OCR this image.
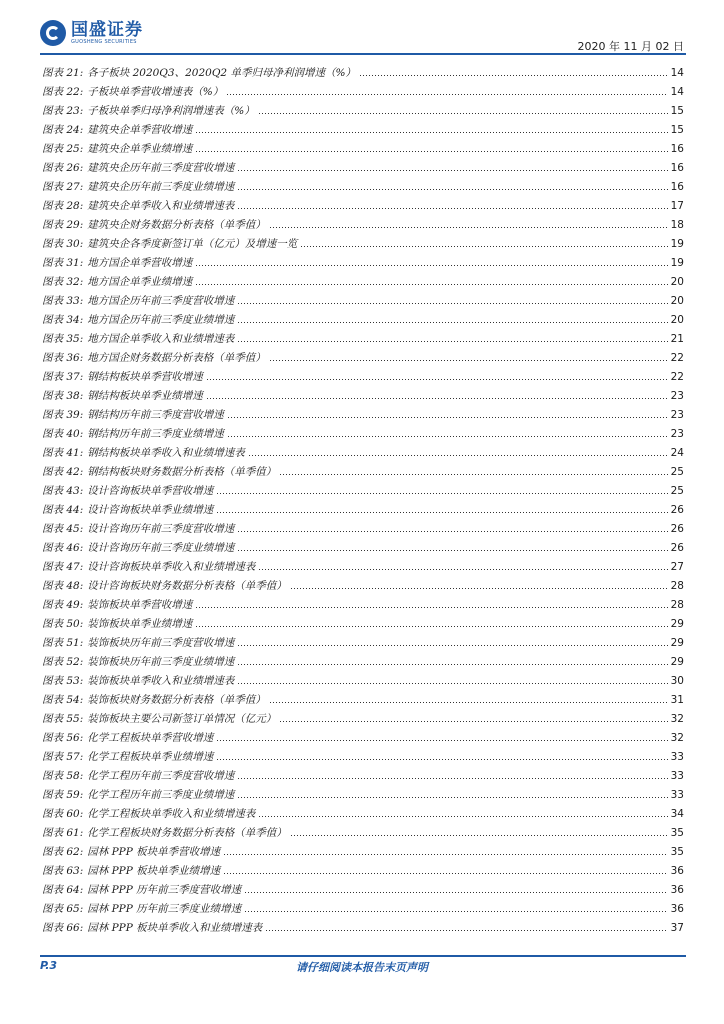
国盛证券
GUOSHENG SECURITIES	2020 年 11 月 02 日
图表 21: 各子板块 2020Q3、2020Q2 单季归母净利润增速（%）	14
图表 22: 子板块单季营收增速表（%）	14
图表 23: 子板块单季归母净利润增速表（%）	15
图表 24: 建筑央企单季营收增速	15
图表 25: 建筑央企单季业绩增速	16
图表 26: 建筑央企历年前三季度营收增速	16
图表 27: 建筑央企历年前三季度业绩增速	16
图表 28: 建筑央企单季收入和业绩增速表	17
图表 29: 建筑央企财务数据分析表格（单季值）	18
图表 30: 建筑央企各季度新签订单（亿元）及增速一览	19
图表 31: 地方国企单季营收增速	19
图表 32: 地方国企单季业绩增速	20
图表 33: 地方国企历年前三季度营收增速	20
图表 34: 地方国企历年前三季度业绩增速	20
图表 35: 地方国企单季收入和业绩增速表	21
图表 36: 地方国企财务数据分析表格（单季值）	22
图表 37: 钢结构板块单季营收增速	22
图表 38: 钢结构板块单季业绩增速	23
图表 39: 钢结构历年前三季度营收增速	23
图表 40: 钢结构历年前三季度业绩增速	23
图表 41: 钢结构板块单季收入和业绩增速表	24
图表 42: 钢结构板块财务数据分析表格（单季值）	25
图表 43: 设计咨询板块单季营收增速	25
图表 44: 设计咨询板块单季业绩增速	26
图表 45: 设计咨询历年前三季度营收增速	26
图表 46: 设计咨询历年前三季度业绩增速	26
图表 47: 设计咨询板块单季收入和业绩增速表	27
图表 48: 设计咨询板块财务数据分析表格（单季值）	28
图表 49: 装饰板块单季营收增速	28
图表 50: 装饰板块单季业绩增速	29
图表 51: 装饰板块历年前三季度营收增速	29
图表 52: 装饰板块历年前三季度业绩增速	29
图表 53: 装饰板块单季收入和业绩增速表	30
图表 54: 装饰板块财务数据分析表格（单季值）	31
图表 55: 装饰板块主要公司新签订单情况（亿元）	32
图表 56: 化学工程板块单季营收增速	32
图表 57: 化学工程板块单季业绩增速	33
图表 58: 化学工程历年前三季度营收增速	33
图表 59: 化学工程历年前三季度业绩增速	33
图表 60: 化学工程板块单季收入和业绩增速表	34
图表 61: 化学工程板块财务数据分析表格（单季值）	35
图表 62: 园林 PPP 板块单季营收增速	35
图表 63: 园林 PPP 板块单季业绩增速	36
图表 64: 园林 PPP 历年前三季度营收增速	36
图表 65: 园林 PPP 历年前三季度业绩增速	36
图表 66: 园林 PPP 板块单季收入和业绩增速表	37
请仔细阅读本报告末页声明
P.3
